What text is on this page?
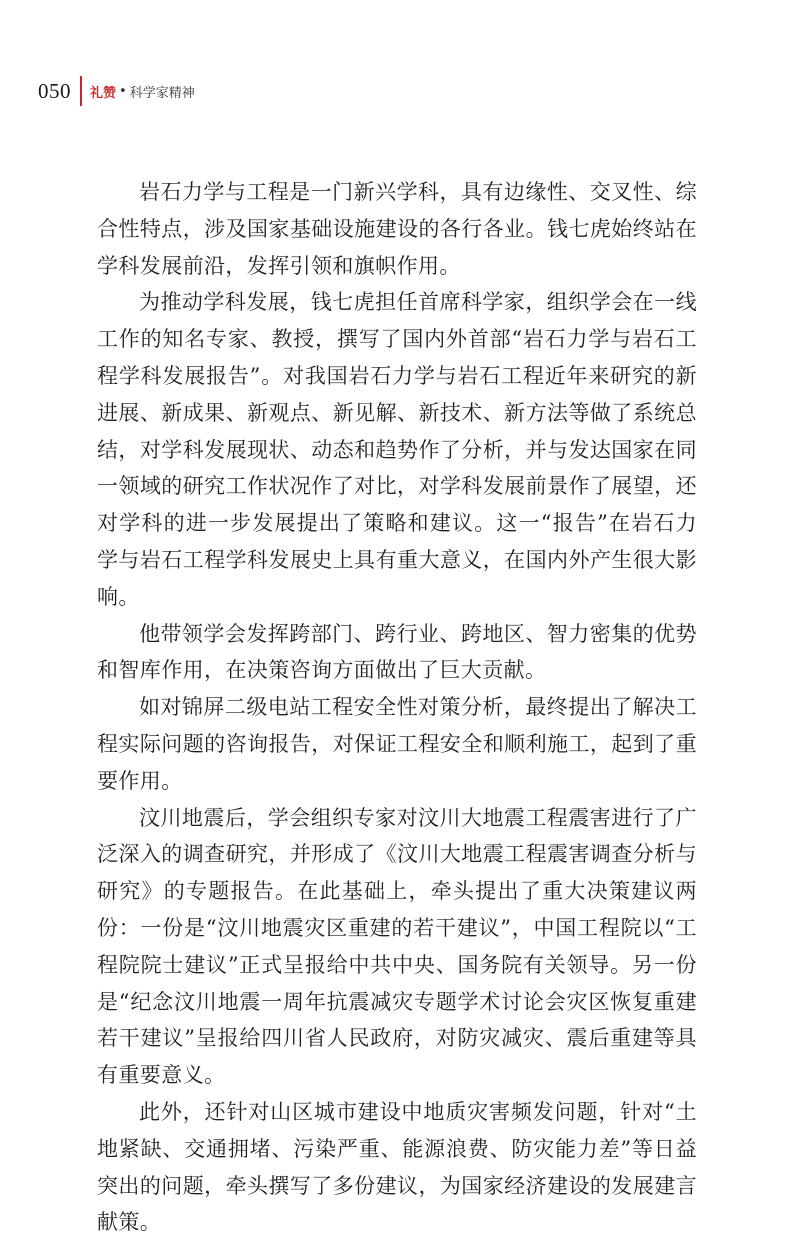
050 礼赞 • 科学家精神

岩石力学与工程是一门新兴学科，具有边缘性、交叉性、综合性特点，涉及国家基础设施建设的各行各业。钱七虎始终站在学科发展前沿，发挥引领和旗帜作用。

为推动学科发展，钱七虎担任首席科学家，组织学会在一线工作的知名专家、教授，撰写了国内外首部“岩石力学与岩石工程学科发展报告”。对我国岩石力学与岩石工程近年来研究的新进展、新成果、新观点、新见解、新技术、新方法等做了系统总结，对学科发展现状、动态和趋势作了分析，并与发达国家在同一领域的研究工作状况作了对比，对学科发展前景作了展望，还对学科的进一步发展提出了策略和建议。这一“报告”在岩石力学与岩石工程学科发展史上具有重大意义，在国内外产生很大影响。

他带领学会发挥跨部门、跨行业、跨地区、智力密集的优势和智库作用，在决策咨询方面做出了巨大贡献。

如对锦屏二级电站工程安全性对策分析，最终提出了解决工程实际问题的咨询报告，对保证工程安全和顺利施工，起到了重要作用。

汶川地震后，学会组织专家对汶川大地震工程震害进行了广泛深入的调查研究，并形成了《汶川大地震工程震害调查分析与研究》的专题报告。在此基础上，牵头提出了重大决策建议两份：一份是“汶川地震灾区重建的若干建议”，中国工程院以“工程院院士建议”正式呈报给中共中央、国务院有关领导。另一份是“纪念汶川地震一周年抗震减灾专题学术讨论会灾区恢复重建若干建议”呈报给四川省人民政府，对防灾减灾、震后重建等具有重要意义。

此外，还针对山区城市建设中地质灾害频发问题，针对“土地紧缺、交通拥堵、污染严重、能源浪费、防灾能力差”等日益突出的问题，牵头撰写了多份建议，为国家经济建设的发展建言献策。
